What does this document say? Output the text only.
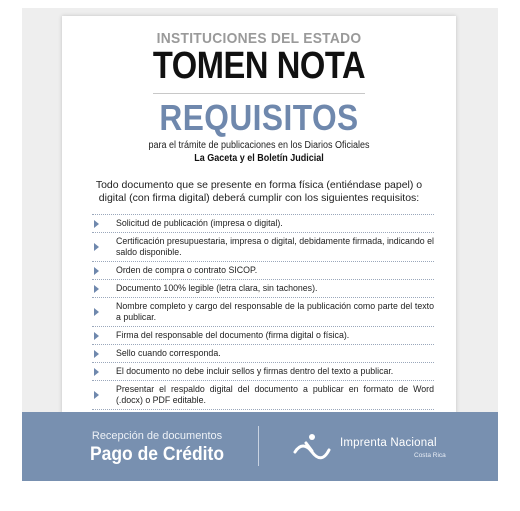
INSTITUCIONES DEL ESTADO
TOMEN NOTA
REQUISITOS
para el trámite de publicaciones en los Diarios Oficiales
La Gaceta y el Boletín Judicial
Todo documento que se presente en forma física (entiéndase papel) o digital (con firma digital) deberá cumplir con los siguientes requisitos:
Solicitud de publicación (impresa o digital).
Certificación presupuestaria, impresa o digital, debidamente firmada, indicando el saldo disponible.
Orden de compra o contrato SICOP.
Documento 100% legible (letra clara, sin tachones).
Nombre completo y cargo del responsable de la publicación como parte del texto a publicar.
Firma del responsable del documento (firma digital o física).
Sello cuando corresponda.
El documento no debe incluir sellos y firmas dentro del texto a publicar.
Presentar el respaldo digital del documento a publicar en formato de Word (.docx) o PDF editable.
Recepción de documentos
Pago de Crédito
Imprenta Nacional
Costa Rica
